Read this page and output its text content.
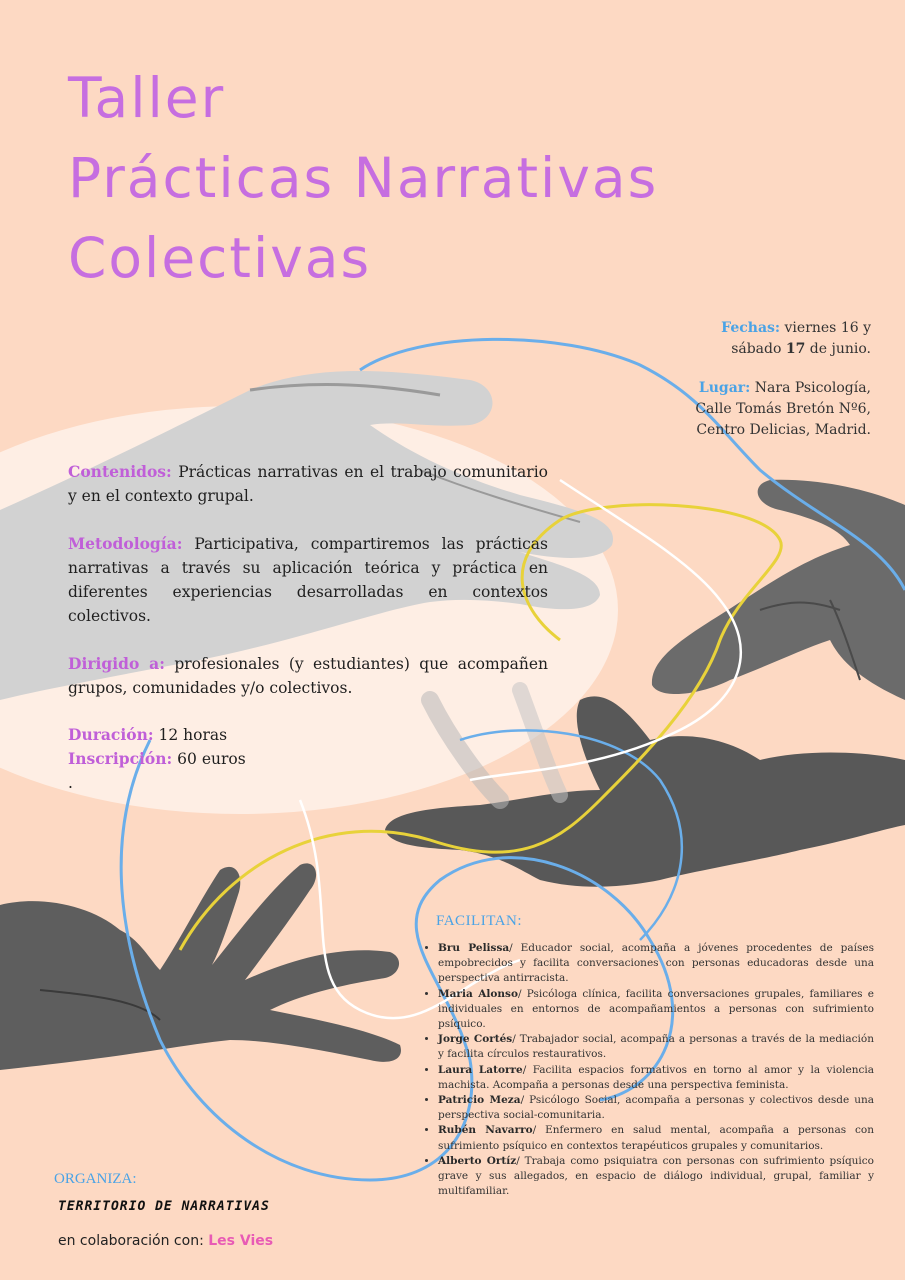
Taller
Prácticas Narrativas
Colectivas
Fechas: viernes 16 y
sábado 17 de junio.
Lugar: Nara Psicología,
Calle Tomás Bretón Nº6,
Centro Delicias, Madrid.

Contenidos: Prácticas narrativas en el trabajo comunitario y en el contexto grupal.

Metodología: Participativa, compartiremos las prácticas narrativas a través su aplicación teórica y práctica en diferentes experiencias desarrolladas en contextos colectivos.

Dirigido a: profesionales (y estudiantes) que acompañen grupos, comunidades y/o colectivos.

Duración: 12 horas

Inscripción: 60 euros

.

FACILITAN:
• Bru Pelissa/ Educador social, acompaña a jóvenes procedentes de países empobrecidos y facilita conversaciones con personas educadoras desde una perspectiva antirracista.
• Maria Alonso/ Psicóloga clínica, facilita conversaciones grupales, familiares e individuales en entornos de acompañamientos a personas con sufrimiento psíquico.
• Jorge Cortés/ Trabajador social, acompaña a personas a través de la mediación y facilita círculos restaurativos.
• Laura Latorre/ Facilita espacios formativos en torno al amor y la violencia machista. Acompaña a personas desde una perspectiva feminista.
• Patricio Meza/ Psicólogo Social, acompaña a personas y colectivos desde una perspectiva social-comunitaria.
• Rubén Navarro/ Enfermero en salud mental, acompaña a personas con sufrimiento psíquico en contextos terapéuticos grupales y comunitarios.
• Alberto Ortíz/ Trabaja como psiquiatra con personas con sufrimiento psíquico grave y sus allegados, en espacio de diálogo individual, grupal, familiar y multifamiliar.
ORGANIZA:
TERRITORIO DE NARRATIVAS
en colaboración con: Les Vies
